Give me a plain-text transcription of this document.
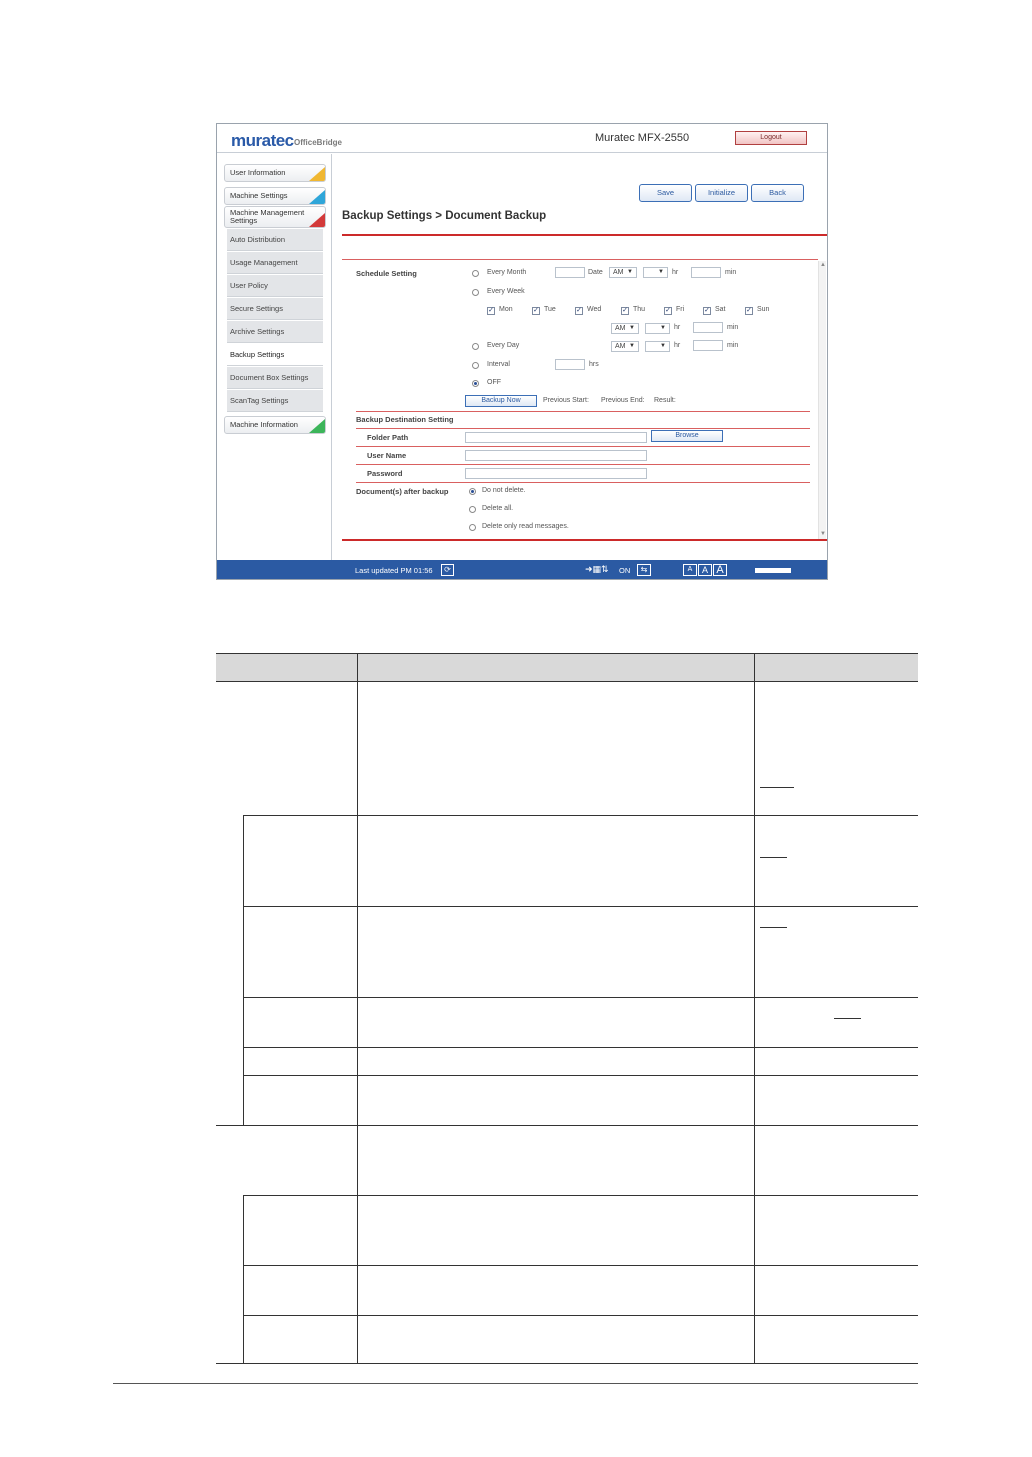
muratec OfficeBridge	Muratec MFX-2550	Logout
User Information
Machine Settings
Machine Management Settings
Auto Distribution
Usage Management
User Policy
Secure Settings
Archive Settings
Backup Settings
Document Box Settings
ScanTag Settings
Machine Information
Save	Initialize	Back
Backup Settings > Document Backup
▲
▼
Schedule Setting	Every Month	Date	AM ▼	▼ hr	min
Every Week
✓ Mon	✓ Tue	✓ Wed	✓ Thu	✓ Fri	✓ Sat	✓ Sun
AM ▼	▼ hr	min
Every Day	AM ▼	▼ hr	min
Interval	hrs
OFF
Backup Now	Previous Start: Previous End: Result:
Backup Destination Setting
Folder Path	Browse
User Name
Password
Document(s) after backup	Do not delete.
Delete all.
Delete only read messages.
Last updated PM 01:56	⟳	➜▦⇅ ON	⇆	A	A A
